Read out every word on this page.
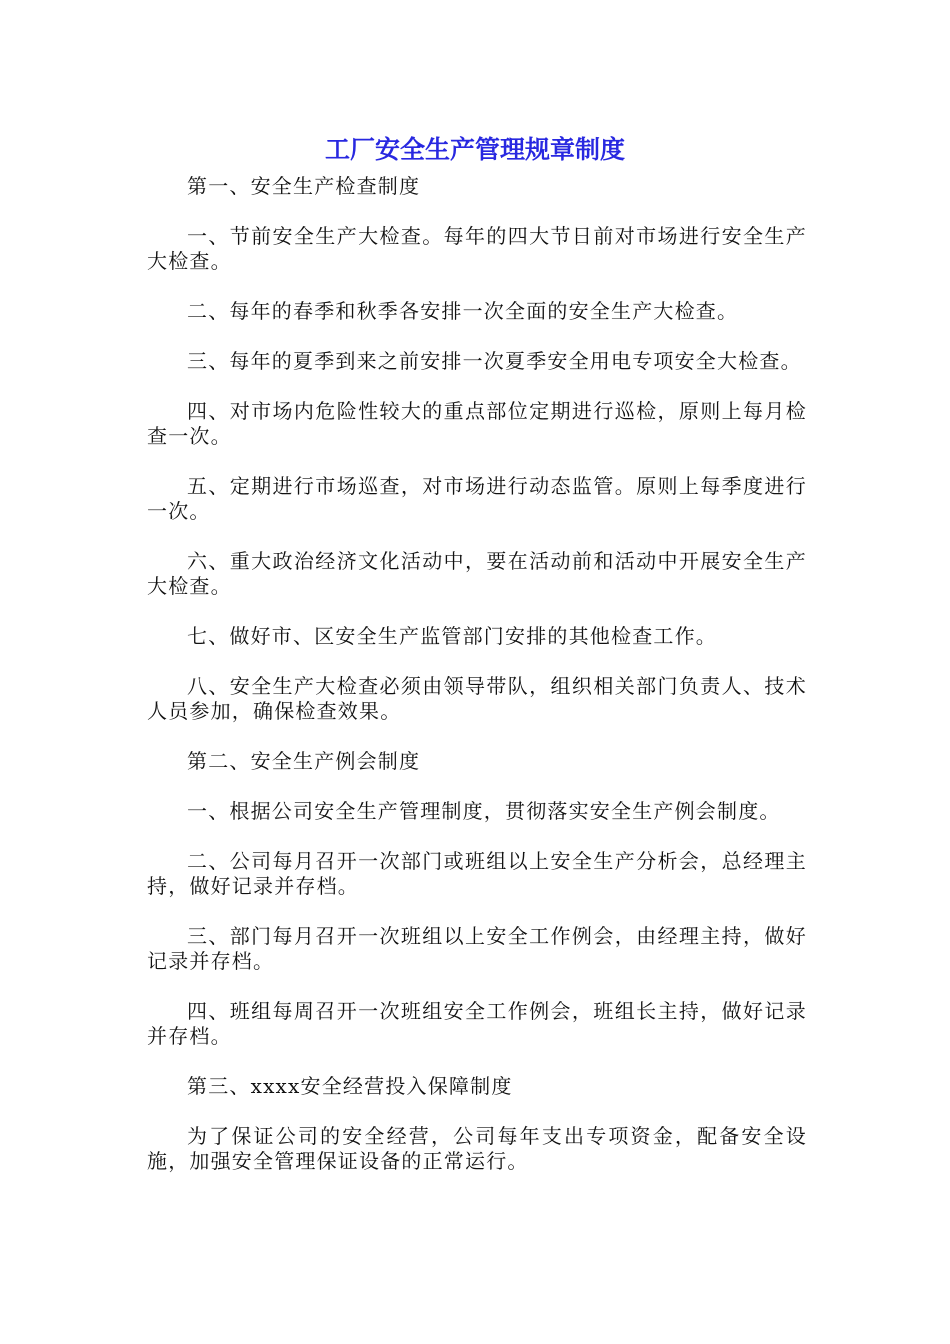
工厂安全生产管理规章制度

第一、安全生产检查制度

一、节前安全生产大检查。每年的四大节日前对市场进行安全生产大检查。

二、每年的春季和秋季各安排一次全面的安全生产大检查。

三、每年的夏季到来之前安排一次夏季安全用电专项安全大检查。

四、对市场内危险性较大的重点部位定期进行巡检，原则上每月检查一次。

五、定期进行市场巡查，对市场进行动态监管。原则上每季度进行一次。

六、重大政治经济文化活动中，要在活动前和活动中开展安全生产大检查。

七、做好市、区安全生产监管部门安排的其他检查工作。

八、安全生产大检查必须由领导带队，组织相关部门负责人、技术人员参加，确保检查效果。

第二、安全生产例会制度

一、根据公司安全生产管理制度，贯彻落实安全生产例会制度。

二、公司每月召开一次部门或班组以上安全生产分析会，总经理主持，做好记录并存档。

三、部门每月召开一次班组以上安全工作例会，由经理主持，做好记录并存档。

四、班组每周召开一次班组安全工作例会，班组长主持，做好记录并存档。

第三、xxxx安全经营投入保障制度

为了保证公司的安全经营，公司每年支出专项资金，配备安全设施，加强安全管理保证设备的正常运行。
